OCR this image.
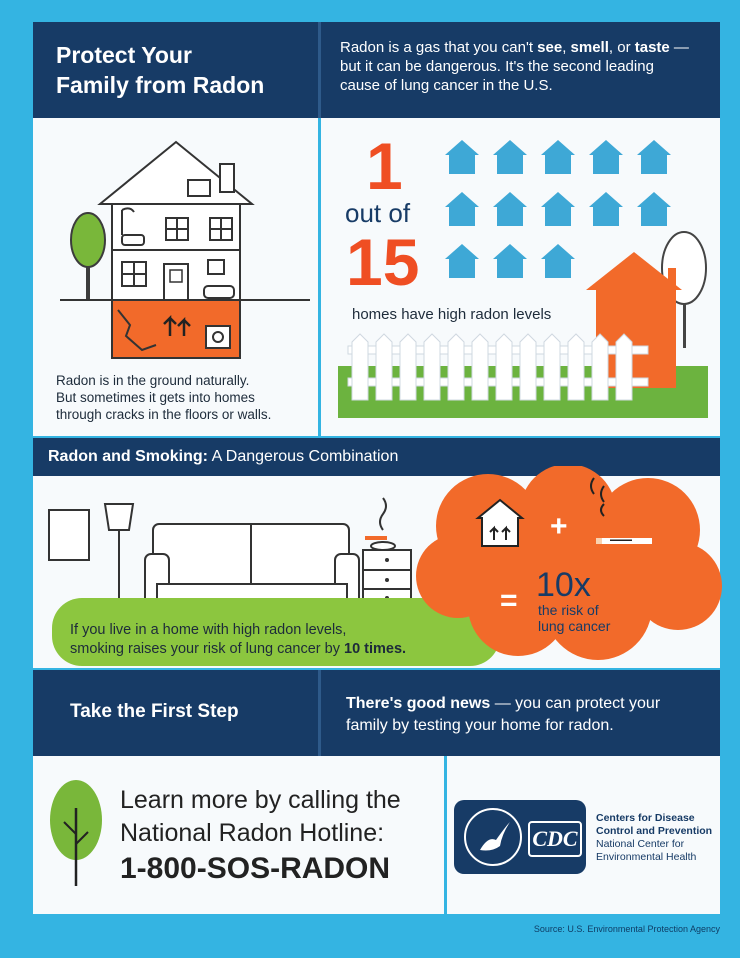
Protect Your
Family from Radon
Radon is a gas that you can't see, smell, or taste —
but it can be dangerous. It's the second leading
cause of lung cancer in the U.S.
Radon is in the ground naturally.
But sometimes it gets into homes
through cracks in the floors or walls.
1
out of
15
homes have high radon levels
Radon and Smoking: A Dangerous Combination
If you live in a home with high radon levels,
smoking raises your risk of lung cancer by 10 times.
+ —
= 10x
the risk of
lung cancer
Take the First Step	There's good news — you can protect your
family by testing your home for radon.
Learn more by calling the
National Radon Hotline:
1-800-SOS-RADON
CDC
Centers for Disease
Control and Prevention
National Center for
Environmental Health
Source: U.S. Environmental Protection Agency
